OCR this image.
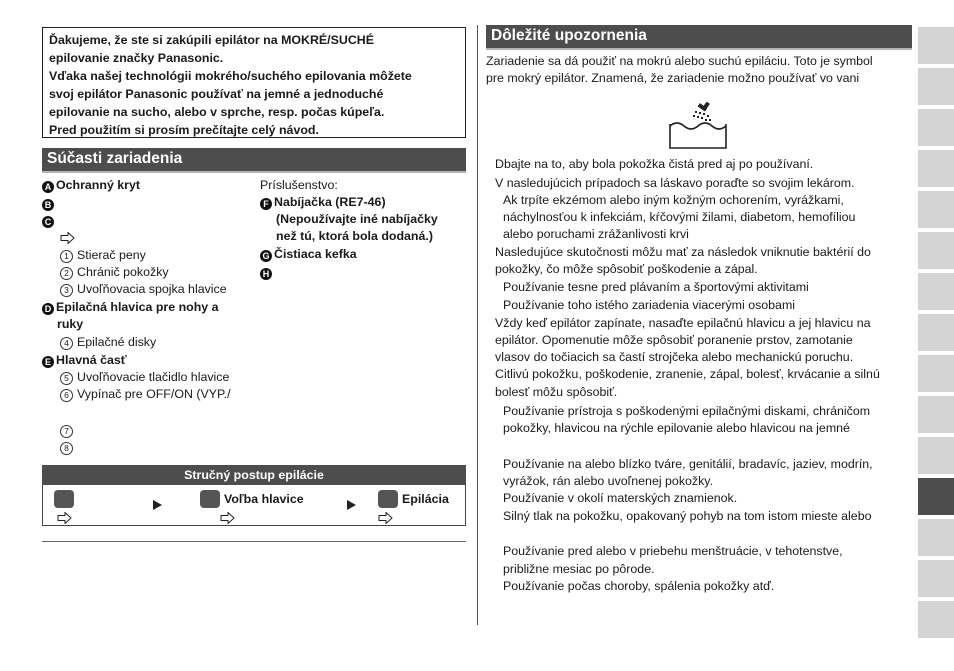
Ďakujeme, že ste si zakúpili epilátor na MOKRÉ/SUCHÉ
epilovanie značky Panasonic.
Vďaka našej technológii mokrého/suchého epilovania môžete
svoj epilátor Panasonic používať na jemné a jednoduché
epilovanie na sucho, alebo v sprche, resp. počas kúpeľa.
Pred použitím si prosím prečítajte celý návod.
Súčasti zariadenia
A Ochranný kryt
B
C
1 Stierač peny
2 Chránič pokožky
3 Uvoľňovacia spojka hlavice
D Epilačná hlavica pre nohy a
ruky
4 Epilačné disky
E Hlavná časť
5 Uvoľňovacie tlačidlo hlavice
6 Vypínač pre OFF/ON (VYP./
7
8
Príslušenstvo:
F Nabíjačka (RE7-46)
(Nepoužívajte iné nabíjačky
než tú, ktorá bola dodaná.)
G Čistiaca kefka
H
Stručný postup epilácie
Voľba hlavice	Epilácia
Dôležité upozornenia
Zariadenie sa dá použiť na mokrú alebo suchú epiláciu. Toto je symbol
pre mokrý epilátor. Znamená, že zariadenie možno používať vo vani
Dbajte na to, aby bola pokožka čistá pred aj po používaní.
V nasledujúcich prípadoch sa láskavo poraďte so svojim lekárom.
Ak trpíte ekzémom alebo iným kožným ochorením, vyrážkami,
náchylnosťou k infekciám, kŕčovými žilami, diabetom, hemofíliou
alebo poruchami zrážanlivosti krvi
Nasledujúce skutočnosti môžu mať za následok vniknutie baktérií do
pokožky, čo môže spôsobiť poškodenie a zápal.
Používanie tesne pred plávaním a športovými aktivitami
Používanie toho istého zariadenia viacerými osobami
Vždy keď epilátor zapínate, nasaďte epilačnú hlavicu a jej hlavicu na
epilátor. Opomenutie môže spôsobiť poranenie prstov, zamotanie
vlasov do točiacich sa častí strojčeka alebo mechanickú poruchu.
Citlivú pokožku, poškodenie, zranenie, zápal, bolesť, krvácanie a silnú
bolesť môžu spôsobiť.
Používanie prístroja s poškodenými epilačnými diskami, chráničom
pokožky, hlavicou na rýchle epilovanie alebo hlavicou na jemné
Používanie na alebo blízko tváre, genitálií, bradavíc, jaziev, modrín,
vyrážok, rán alebo uvoľnenej pokožky.
Používanie v okolí materských znamienok.
Silný tlak na pokožku, opakovaný pohyb na tom istom mieste alebo
Používanie pred alebo v priebehu menštruácie, v tehotenstve,
približne mesiac po pôrode.
Používanie počas choroby, spálenia pokožky atď.
